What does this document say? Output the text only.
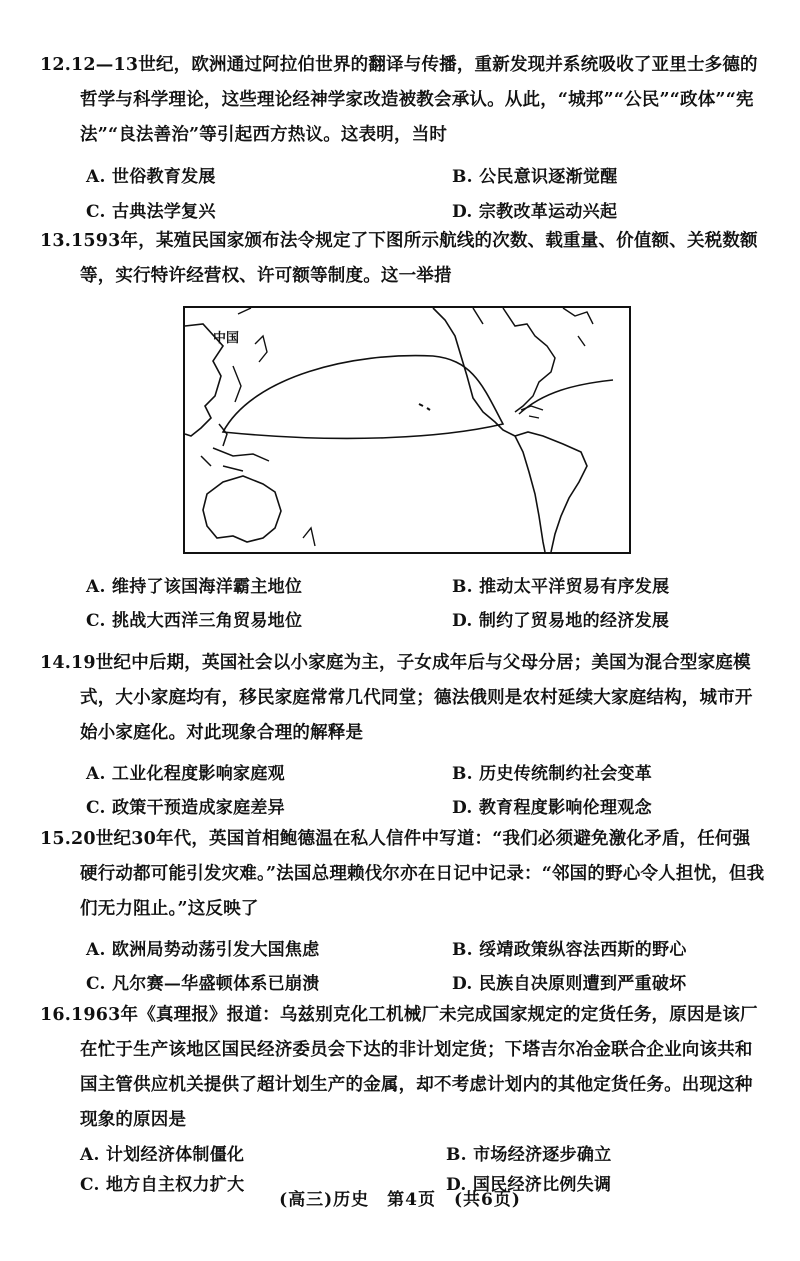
12.12—13世纪，欧洲通过阿拉伯世界的翻译与传播，重新发现并系统吸收了亚里士多德的哲学与科学理论，这些理论经神学家改造被教会承认。从此，“城邦”“公民”“政体”“宪法”“良法善治”等引起西方热议。这表明，当时

A. 世俗教育发展	B. 公民意识逐渐觉醒
C. 古典法学复兴	D. 宗教改革运动兴起

13.1593年，某殖民国家颁布法令规定了下图所示航线的次数、载重量、价值额、关税数额等，实行特许经营权、许可额等制度。这一举措

中国
A. 维持了该国海洋霸主地位	B. 推动太平洋贸易有序发展
C. 挑战大西洋三角贸易地位	D. 制约了贸易地的经济发展

14.19世纪中后期，英国社会以小家庭为主，子女成年后与父母分居；美国为混合型家庭模式，大小家庭均有，移民家庭常常几代同堂；德法俄则是农村延续大家庭结构，城市开始小家庭化。对此现象合理的解释是

A. 工业化程度影响家庭观	B. 历史传统制约社会变革
C. 政策干预造成家庭差异	D. 教育程度影响伦理观念

15.20世纪30年代，英国首相鲍德温在私人信件中写道：“我们必须避免激化矛盾，任何强硬行动都可能引发灾难。”法国总理赖伐尔亦在日记中记录：“邻国的野心令人担忧，但我们无力阻止。”这反映了

A. 欧洲局势动荡引发大国焦虑	B. 绥靖政策纵容法西斯的野心
C. 凡尔赛—华盛顿体系已崩溃	D. 民族自决原则遭到严重破坏

16.1963年《真理报》报道：乌兹别克化工机械厂未完成国家规定的定货任务，原因是该厂在忙于生产该地区国民经济委员会下达的非计划定货；下塔吉尔冶金联合企业向该共和国主管供应机关提供了超计划生产的金属，却不考虑计划内的其他定货任务。出现这种现象的原因是

A. 计划经济体制僵化	B. 市场经济逐步确立
C. 地方自主权力扩大	D. 国民经济比例失调
(高三)历史　第4页　(共6页)
